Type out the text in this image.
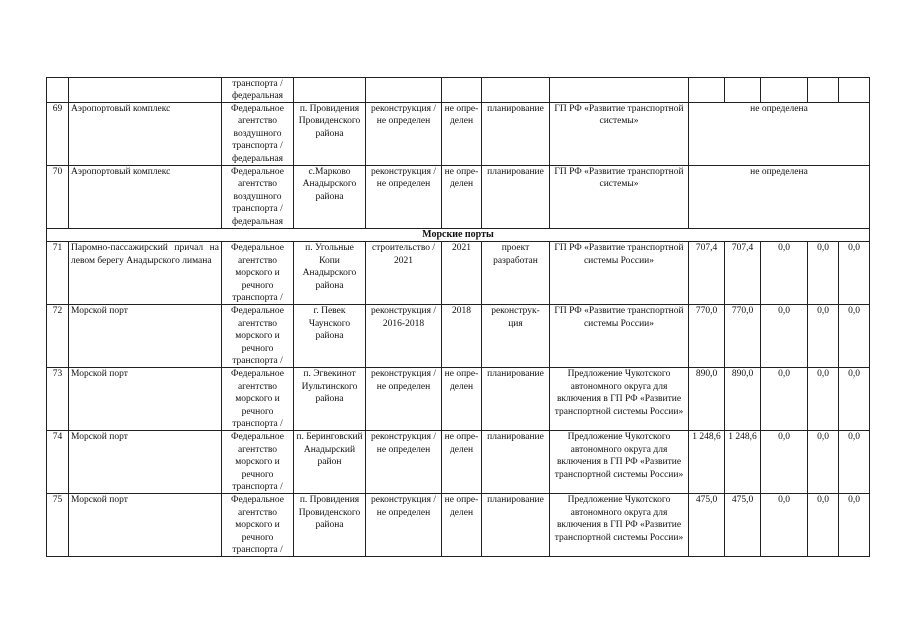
		транспорта / федеральная										

69	Аэропортовый комплекс	Федеральное агентство воздушного транспорта / федеральная	п. Провидения Провиденского района	реконструкция / не определен	не опре-делен	планирование	ГП РФ «Развитие транспортной системы»	не определена				
70	Аэропортовый комплекс	Федеральное агентство воздушного транспорта / федеральная	с.Марково Анадырского района	реконструкция / не определен	не опре-делен	планирование	ГП РФ «Развитие транспортной системы»	не определена				
Морские порты												
71	Паромно-пассажирский причал на левом берегу Анадырского лимана	Федеральное агентство морского и речного транспорта /	п. Угольные Копи Анадырского района	строительство / 2021	2021	проект разработан	ГП РФ «Развитие транспортной системы России»	707,4	707,4	0,0	0,0	0,0
72	Морской порт	Федеральное агентство морского и речного транспорта /	г. Певек Чаунского района	реконструкция / 2016-2018	2018	реконструк-ция	ГП РФ «Развитие транспортной системы России»	770,0	770,0	0,0	0,0	0,0
73	Морской порт	Федеральное агентство морского и речного транспорта /	п. Эгвекинот Иультинского района	реконструкция / не определен	не опре-делен	планирование	Предложение Чукотского автономного округа для включения в ГП РФ «Развитие транспортной системы России»	890,0	890,0	0,0	0,0	0,0
74	Морской порт	Федеральное агентство морского и речного транспорта /	п. Беринговский Анадырский район	реконструкция / не определен	не опре-делен	планирование	Предложение Чукотского автономного округа для включения в ГП РФ «Развитие транспортной системы России»	1 248,6	1 248,6	0,0	0,0	0,0
75	Морской порт	Федеральное агентство морского и речного транспорта /	п. Провидения Провиденского района	реконструкция / не определен	не опре-делен	планирование	Предложение Чукотского автономного округа для включения в ГП РФ «Развитие транспортной системы России»	475,0	475,0	0,0	0,0	0,0
